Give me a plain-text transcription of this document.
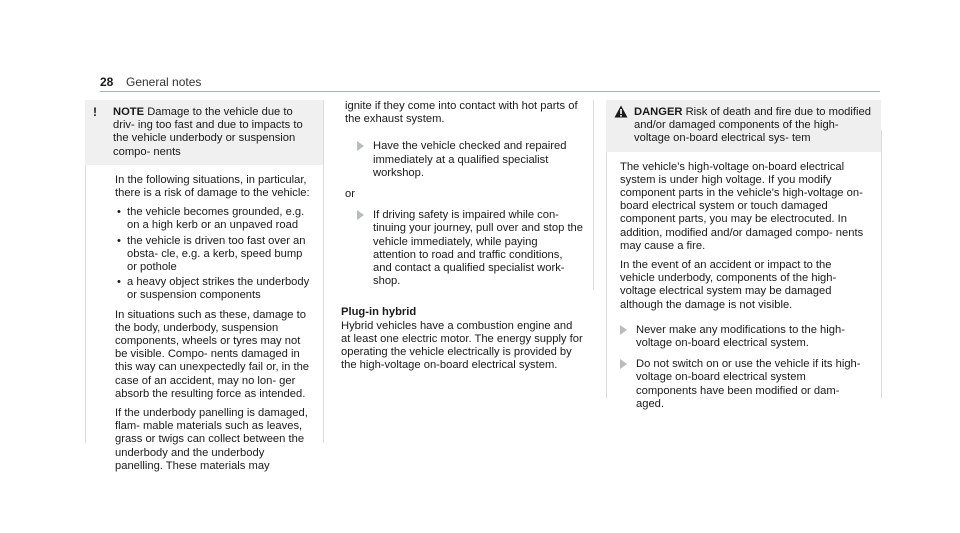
28 General notes
! NOTE Damage to the vehicle due to driv- ing too fast and due to impacts to the vehicle underbody or suspension compo- nents

In the following situations, in particular, there is a risk of damage to the vehicle:

• the vehicle becomes grounded, e.g. on a high kerb or an unpaved road
• the vehicle is driven too fast over an obsta- cle, e.g. a kerb, speed bump or pothole
• a heavy object strikes the underbody or suspension components

In situations such as these, damage to the body, underbody, suspension components, wheels or tyres may not be visible. Compo- nents damaged in this way can unexpectedly fail or, in the case of an accident, may no lon- ger absorb the resulting force as intended.

If the underbody panelling is damaged, flam- mable materials such as leaves, grass or twigs can collect between the underbody and the underbody panelling. These materials may

ignite if they come into contact with hot parts of the exhaust system.

Have the vehicle checked and repaired immediately at a qualified specialist workshop.

or

If driving safety is impaired while con- tinuing your journey, pull over and stop the vehicle immediately, while paying attention to road and traffic conditions, and contact a qualified specialist work- shop.
Plug-in hybrid

Hybrid vehicles have a combustion engine and at least one electric motor. The energy supply for operating the vehicle electrically is provided by the high-voltage on-board electrical system.

DANGER Risk of death and fire due to modified and/or damaged components of the high-voltage on-board electrical sys- tem

The vehicle's high-voltage on-board electrical system is under high voltage. If you modify component parts in the vehicle's high-voltage on-board electrical system or touch damaged component parts, you may be electrocuted. In addition, modified and/or damaged compo- nents may cause a fire.

In the event of an accident or impact to the vehicle underbody, components of the high- voltage electrical system may be damaged although the damage is not visible.

Never make any modifications to the high-voltage on-board electrical system.
Do not switch on or use the vehicle if its high-voltage on-board electrical system components have been modified or dam- aged.
